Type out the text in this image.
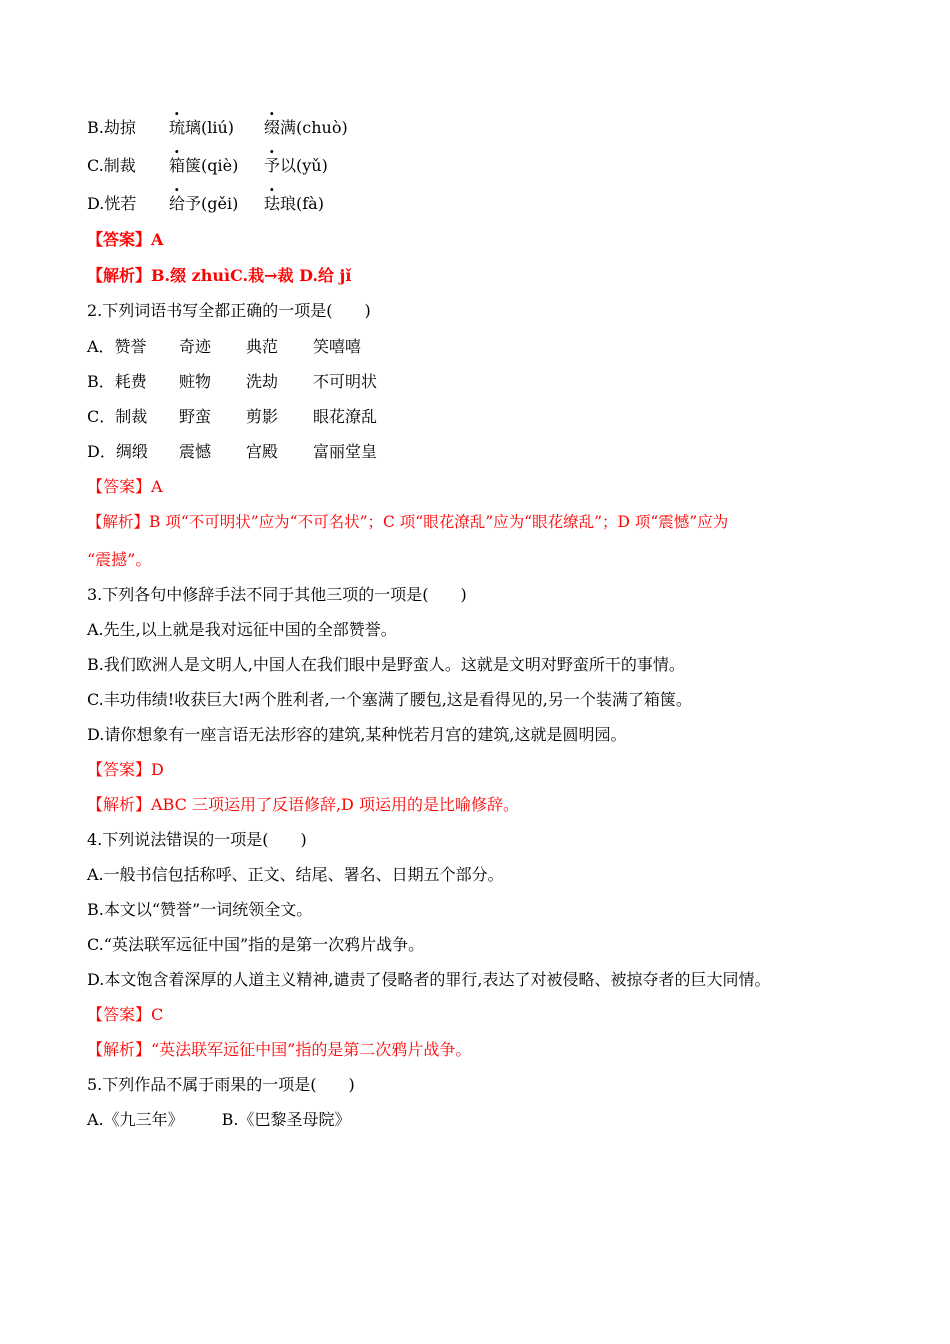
B.劫掠	琉璃(liú)	缀满(chuò)
C.制裁	箱箧(qiè)	予以(yǔ)
D.恍若	给予(gěi)	珐琅(fà)
【答案】A
【解析】B.缀 zhuìC.栽→裁 D.给 jǐ
2.下列词语书写全都正确的一项是(　　)
A．赞誉	奇迹	典范	笑嘻嘻
B．耗费	赃物	洗劫	不可明状
C．制裁	野蛮	剪影	眼花潦乱
D．绸缎	震憾	宫殿	富丽堂皇
【答案】A
【解析】B 项“不可明状”应为“不可名状”；C 项“眼花潦乱”应为“眼花缭乱”；D 项“震憾”应为
“震撼”。
3.下列各句中修辞手法不同于其他三项的一项是(　　)
A.先生,以上就是我对远征中国的全部赞誉。
B.我们欧洲人是文明人,中国人在我们眼中是野蛮人。这就是文明对野蛮所干的事情。
C.丰功伟绩!收获巨大!两个胜利者,一个塞满了腰包,这是看得见的,另一个装满了箱箧。
D.请你想象有一座言语无法形容的建筑,某种恍若月宫的建筑,这就是圆明园。
【答案】D
【解析】ABC 三项运用了反语修辞,D 项运用的是比喻修辞。
4.下列说法错误的一项是(　　)
A.一般书信包括称呼、正文、结尾、署名、日期五个部分。
B.本文以“赞誉”一词统领全文。
C.“英法联军远征中国”指的是第一次鸦片战争。
D.本文饱含着深厚的人道主义精神,谴责了侵略者的罪行,表达了对被侵略、被掠夺者的巨大同情。
【答案】C
【解析】“英法联军远征中国”指的是第二次鸦片战争。
5.下列作品不属于雨果的一项是(　　)
A.《九三年》 B.《巴黎圣母院》
